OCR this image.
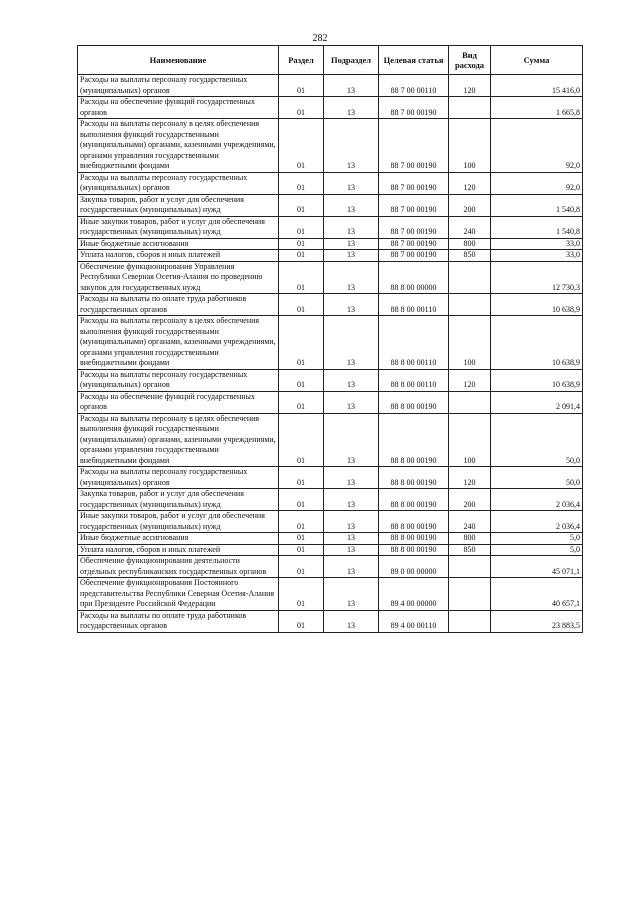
282
Наименование	Раздел	Подраздел	Целевая статья	Вид расхода	Сумма
Расходы на выплаты персоналу государственных (муниципальных) органов	01	13	88 7 00 00110	120	15 416,0
Расходы на обеспечение функций государственных органов	01	13	88 7 00 00190		1 665,8
Расходы на выплаты персоналу в целях обеспечения выполнения функций государственными (муниципальными) органами, казенными учреждениями, органами управления государственными внебюджетными фондами	01	13	88 7 00 00190	100	92,0
Расходы на выплаты персоналу государственных (муниципальных) органов	01	13	88 7 00 00190	120	92,0
Закупка товаров, работ и услуг для обеспечения государственных (муниципальных) нужд	01	13	88 7 00 00190	200	1 540,8
Иные закупки товаров, работ и услуг для обеспечения государственных (муниципальных) нужд	01	13	88 7 00 00190	240	1 540,8
Иные бюджетные ассигнования	01	13	88 7 00 00190	800	33,0
Уплата налогов, сборов и иных платежей	01	13	88 7 00 00190	850	33,0
Обеспечение функционирования Управления Республики Северная Осетия-Алания по проведению закупок для государственных нужд	01	13	88 8 00 00000		12 730,3
Расходы на выплаты по оплате труда работников государственных органов	01	13	88 8 00 00110		10 638,9
Расходы на выплаты персоналу в целях обеспечения выполнения функций государственными (муниципальными) органами, казенными учреждениями, органами управления государственными внебюджетными фондами	01	13	88 8 00 00110	100	10 638,9
Расходы на выплаты персоналу государственных (муниципальных) органов	01	13	88 8 00 00110	120	10 638,9
Расходы на обеспечение функций государственных органов	01	13	88 8 00 00190		2 091,4
Расходы на выплаты персоналу в целях обеспечения выполнения функций государственными (муниципальными) органами, казенными учреждениями, органами управления государственными внебюджетными фондами	01	13	88 8 00 00190	100	50,0
Расходы на выплаты персоналу государственных (муниципальных) органов	01	13	88 8 00 00190	120	50,0
Закупка товаров, работ и услуг для обеспечения государственных (муниципальных) нужд	01	13	88 8 00 00190	200	2 036,4
Иные закупки товаров, работ и услуг для обеспечения государственных (муниципальных) нужд	01	13	88 8 00 00190	240	2 036,4
Иные бюджетные ассигнования	01	13	88 8 00 00190	800	5,0
Уплата налогов, сборов и иных платежей	01	13	88 8 00 00190	850	5,0
Обеспечение функционирования деятельности отдельных республиканских государственных органов	01	13	89 0 00 00000		45 071,1
Обеспечение функционирования Постоянного представительства Республики Северная Осетия-Алания при Президенте Российской Федерации	01	13	89 4 00 00000		40 657,1
Расходы на выплаты по оплате труда работников государственных органов	01	13	89 4 00 00110		23 883,5
